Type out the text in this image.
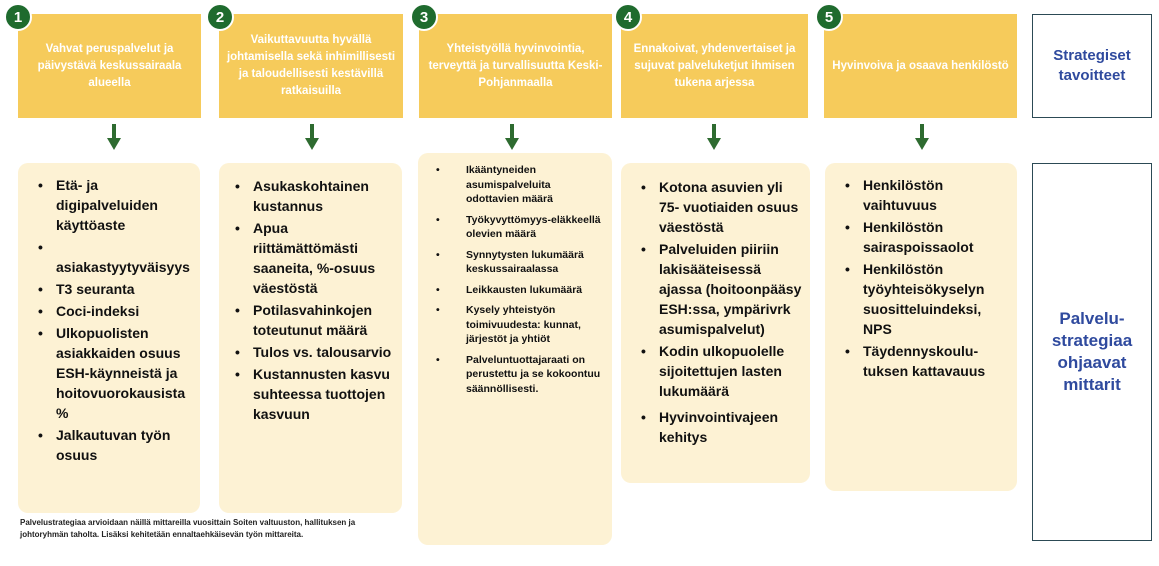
Vahvat peruspalvelut ja päivystävä keskussairaala alueella
Vaikuttavuutta hyvällä johtamisella sekä inhimillisesti ja taloudellisesti kestävillä ratkaisuilla
Yhteistyöllä hyvinvointia, terveyttä ja turvallisuutta Keski-Pohjanmaalla
Ennakoivat, yhdenvertaiset ja sujuvat palveluketjut ihmisen tukena arjessa
Hyvinvoiva ja osaava henkilöstö
1	2	3	4	5
• Etä- ja digipalveluiden käyttöaste
• asiakastyytyväisyys
• T3 seuranta
• Coci-indeksi
• Ulkopuolisten asiakkaiden osuus ESH-käynneistä ja hoitovuorokausista %
• Jalkautuvan työn osuus
• Asukaskohtainen kustannus
• Apua riittämättömästi saaneita, %-osuus väestöstä
• Potilasvahinkojen toteutunut määrä
• Tulos vs. talousarvio
• Kustannusten kasvu suhteessa tuottojen kasvuun
• Ikääntyneiden asumispalveluita odottavien määrä
• Työkyvyttömyys-eläkkeellä olevien määrä
• Synnytysten lukumäärä keskussairaalassa
• Leikkausten lukumäärä
• Kysely yhteistyön toimivuudesta: kunnat, järjestöt ja yhtiöt
• Palveluntuottajaraati on perustettu ja se kokoontuu säännöllisesti.
• Kotona asuvien yli 75- vuotiaiden osuus väestöstä
• Palveluiden piiriin lakisääteisessä ajassa (hoitoonpääsy ESH:ssa, ympärivrk asumispalvelut)
• Kodin ulkopuolelle sijoitettujen lasten lukumäärä
• Hyvinvointivajeen kehitys
• Henkilöstön vaihtuvuus
• Henkilöstön sairaspoissaolot
• Henkilöstön työyhteisökyselyn suositteluindeksi, NPS
• Täydennyskoulu-tuksen kattavauus
Strategiset tavoitteet
Palvelu-strategiaa ohjaavat mittarit
Palvelustrategiaa arvioidaan näillä mittareilla vuosittain Soiten valtuuston, hallituksen ja johtoryhmän taholta. Lisäksi kehitetään ennaltaehkäisevän työn mittareita.
